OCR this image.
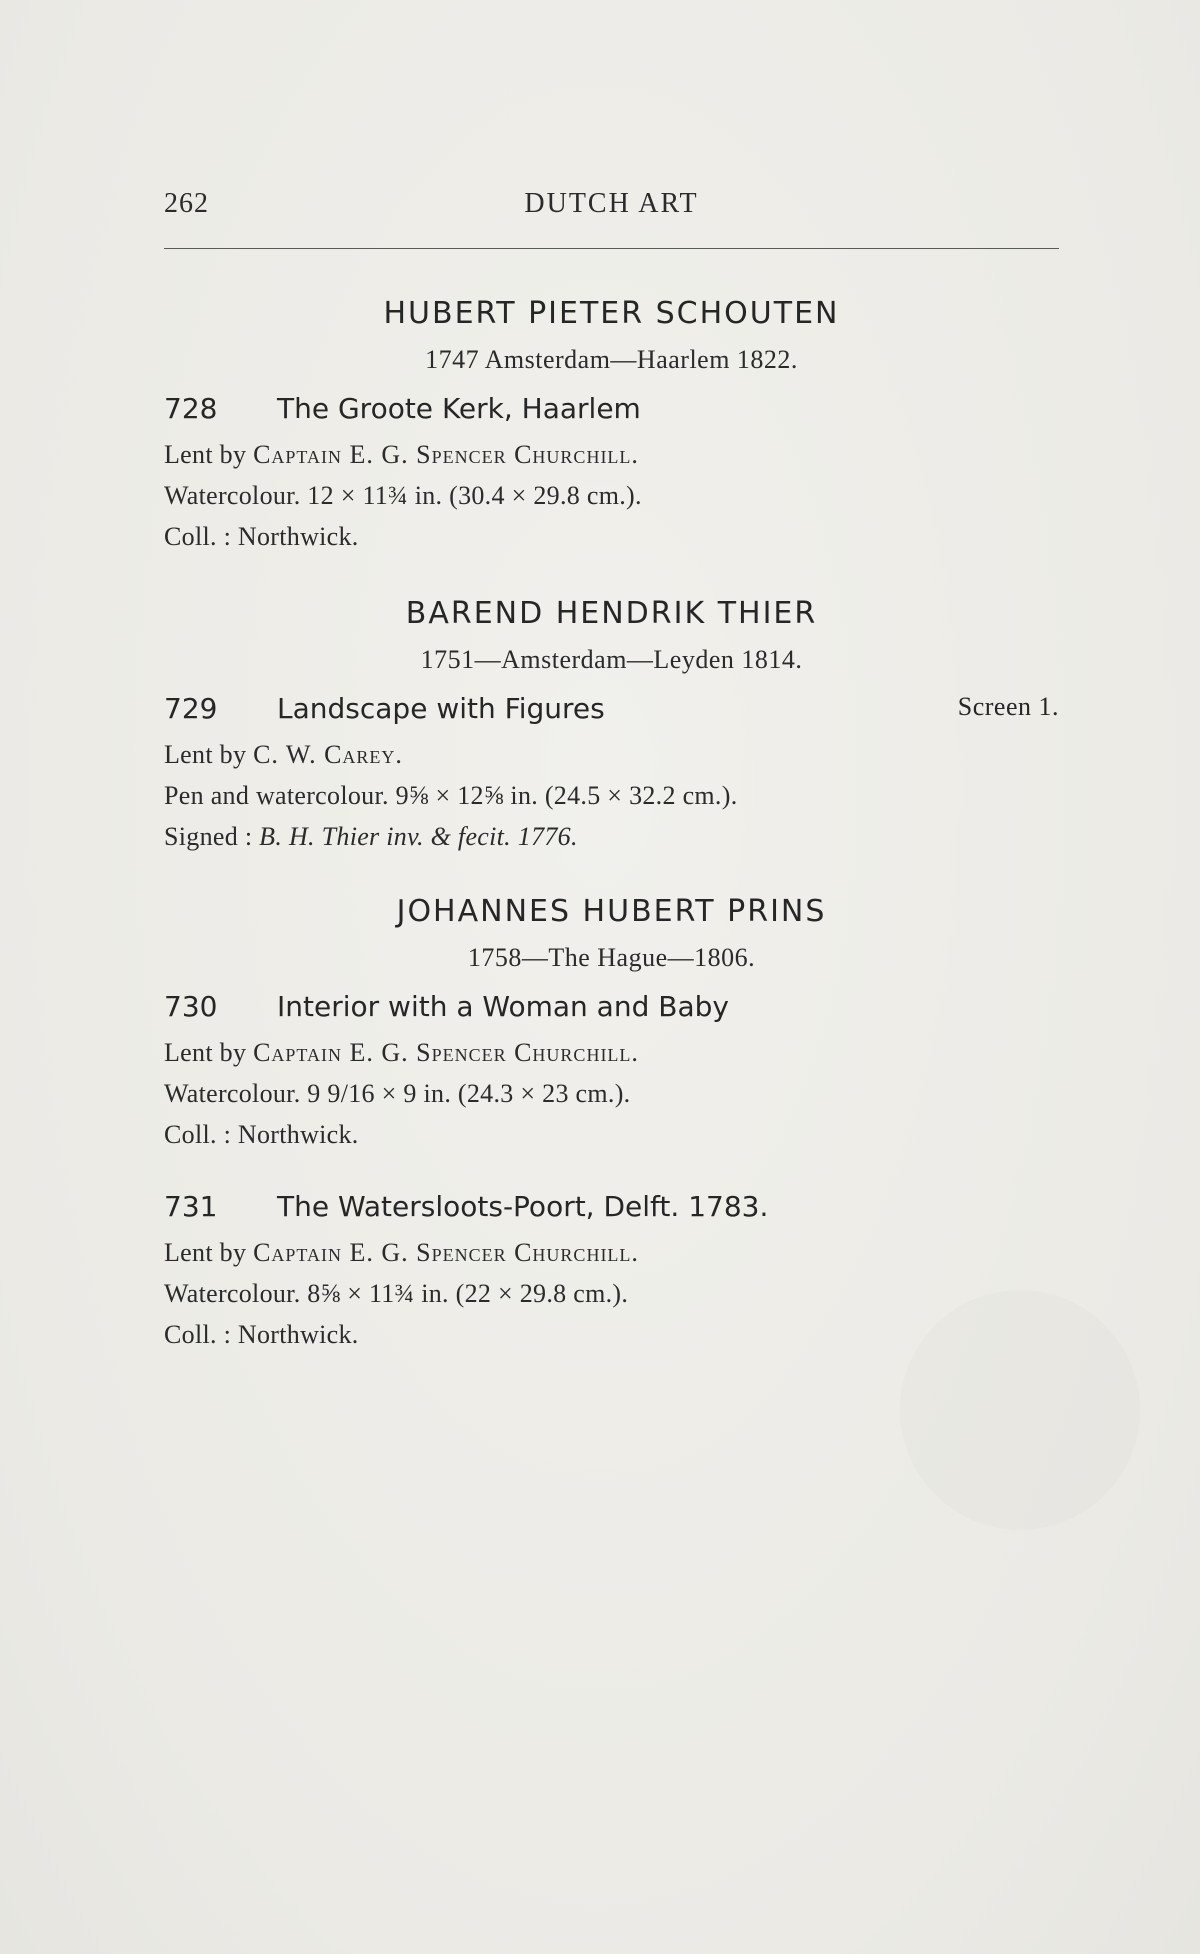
262	DUTCH ART
HUBERT PIETER SCHOUTEN
1747 Amsterdam—Haarlem 1822.
728 The Groote Kerk, Haarlem
Lent by Captain E. G. Spencer Churchill.
Watercolour. 12 × 11¾ in. (30.4 × 29.8 cm.).
Coll. : Northwick.
BAREND HENDRIK THIER
1751—Amsterdam—Leyden 1814.
729 Landscape with Figures	Screen 1.
Lent by C. W. Carey.
Pen and watercolour. 9⅝ × 12⅝ in. (24.5 × 32.2 cm.).
Signed : B. H. Thier inv. & fecit. 1776.
JOHANNES HUBERT PRINS
1758—The Hague—1806.
730 Interior with a Woman and Baby
Lent by Captain E. G. Spencer Churchill.
Watercolour. 9 9/16 × 9 in. (24.3 × 23 cm.).
Coll. : Northwick.
731 The Watersloots-Poort, Delft. 1783.
Lent by Captain E. G. Spencer Churchill.
Watercolour. 8⅝ × 11¾ in. (22 × 29.8 cm.).
Coll. : Northwick.
